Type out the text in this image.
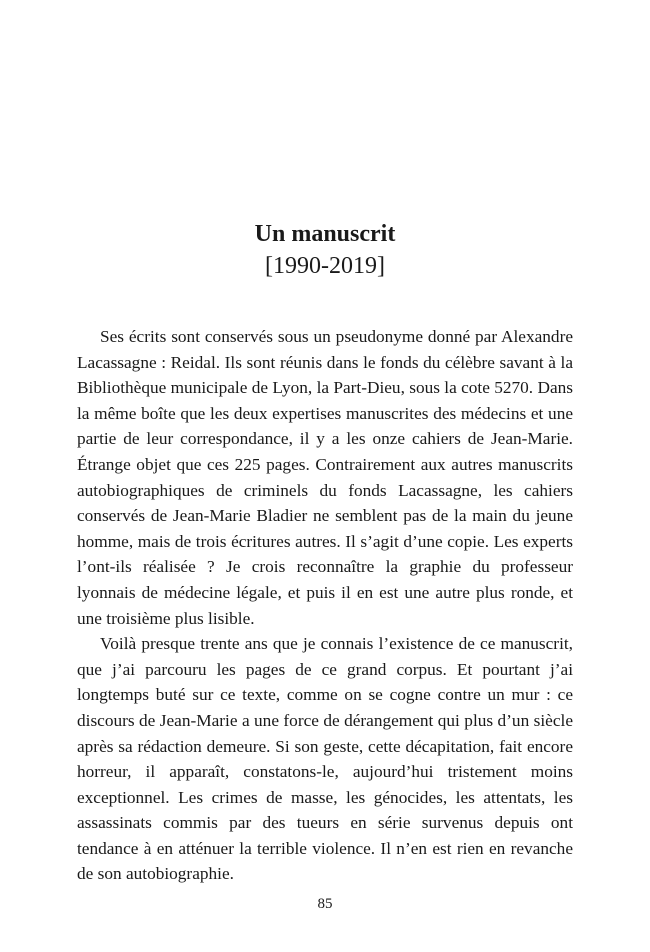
Un manuscrit
[1990-2019]

Ses écrits sont conservés sous un pseudonyme donné par Alexandre Lacassagne : Reidal. Ils sont réunis dans le fonds du célèbre savant à la Bibliothèque municipale de Lyon, la Part-Dieu, sous la cote 5270. Dans la même boîte que les deux expertises manuscrites des médecins et une partie de leur correspondance, il y a les onze cahiers de Jean-Marie. Étrange objet que ces 225 pages. Contrairement aux autres manuscrits autobiographiques de criminels du fonds Lacassagne, les cahiers conservés de Jean-Marie Bladier ne semblent pas de la main du jeune homme, mais de trois écritures autres. Il s’agit d’une copie. Les experts l’ont-ils réalisée ? Je crois reconnaître la graphie du professeur lyonnais de médecine légale, et puis il en est une autre plus ronde, et une troisième plus lisible.

Voilà presque trente ans que je connais l’existence de ce manuscrit, que j’ai parcouru les pages de ce grand corpus. Et pourtant j’ai longtemps buté sur ce texte, comme on se cogne contre un mur : ce discours de Jean-Marie a une force de dérangement qui plus d’un siècle après sa rédaction demeure. Si son geste, cette décapitation, fait encore horreur, il apparaît, constatons-le, aujourd’hui tristement moins exceptionnel. Les crimes de masse, les génocides, les attentats, les assassinats commis par des tueurs en série survenus depuis ont tendance à en atténuer la terrible violence. Il n’en est rien en revanche de son autobiographie.

85
